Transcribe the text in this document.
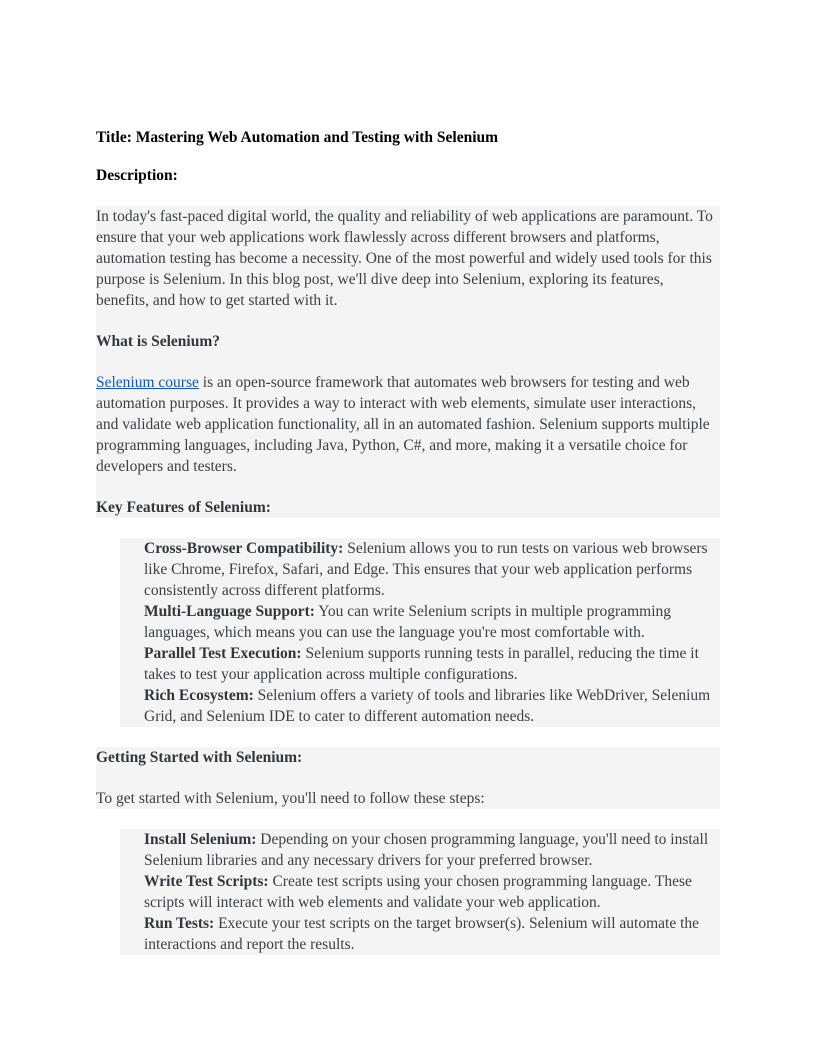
Title: Mastering Web Automation and Testing with Selenium

Description:

In today's fast-paced digital world, the quality and reliability of web applications are paramount. To ensure that your web applications work flawlessly across different browsers and platforms, automation testing has become a necessity. One of the most powerful and widely used tools for this purpose is Selenium. In this blog post, we'll dive deep into Selenium, exploring its features, benefits, and how to get started with it.

What is Selenium?

Selenium course is an open-source framework that automates web browsers for testing and web automation purposes. It provides a way to interact with web elements, simulate user interactions, and validate web application functionality, all in an automated fashion. Selenium supports multiple programming languages, including Java, Python, C#, and more, making it a versatile choice for developers and testers.

Key Features of Selenium:

Cross-Browser Compatibility: Selenium allows you to run tests on various web browsers like Chrome, Firefox, Safari, and Edge. This ensures that your web application performs consistently across different platforms.

Multi-Language Support: You can write Selenium scripts in multiple programming languages, which means you can use the language you're most comfortable with.

Parallel Test Execution: Selenium supports running tests in parallel, reducing the time it takes to test your application across multiple configurations.

Rich Ecosystem: Selenium offers a variety of tools and libraries like WebDriver, Selenium Grid, and Selenium IDE to cater to different automation needs.

Getting Started with Selenium:

To get started with Selenium, you'll need to follow these steps:

Install Selenium: Depending on your chosen programming language, you'll need to install Selenium libraries and any necessary drivers for your preferred browser.

Write Test Scripts: Create test scripts using your chosen programming language. These scripts will interact with web elements and validate your web application.

Run Tests: Execute your test scripts on the target browser(s). Selenium will automate the interactions and report the results.
